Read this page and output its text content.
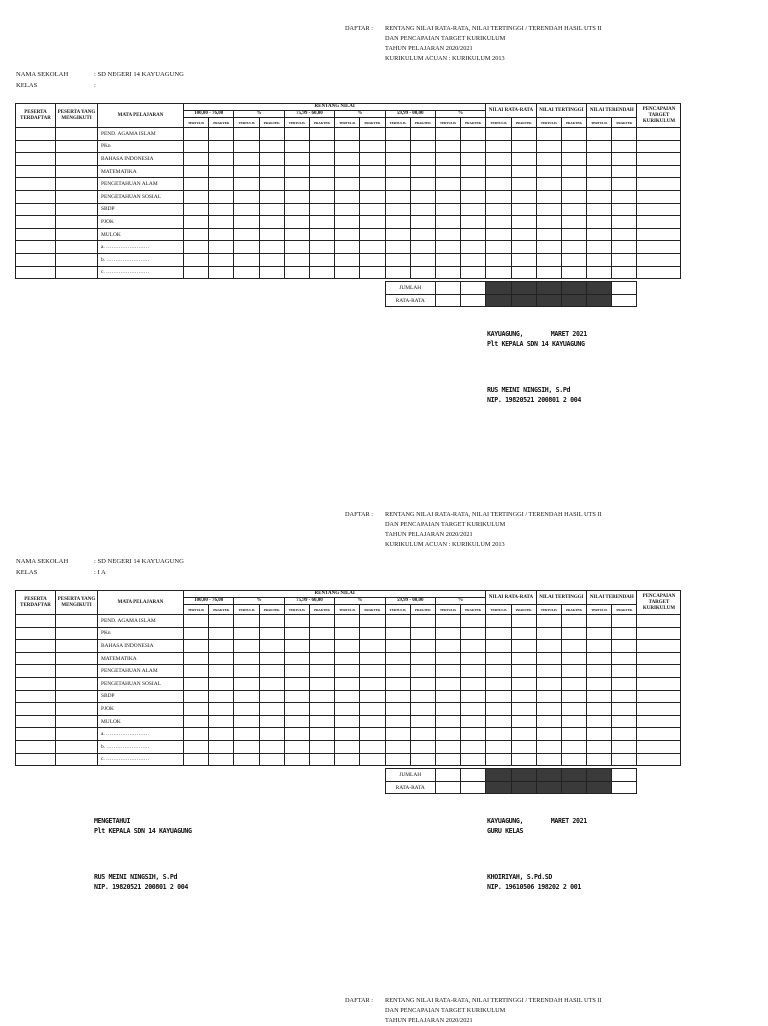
DAFTAR : RENTANG NILAI RATA-RATA, NILAI TERTINGGI / TERENDAH HASIL UTS II
DAN PENCAPAIAN TARGET KURIKULUM
TAHUN PELAJARAN 2020/2021
KURIKULUM ACUAN : KURIKULUM 2013
NAMA SEKOLAH	: SD NEGERI 14 KAYUAGUNG
KELAS	:
PESERTA TERDAFTAR	PESERTA YANG MENGIKUTI	MATA PELAJARAN	RENTANG NILAI												NILAI RATA-RATA		NILAI TERTINGGI		NILAI TERENDAH		PENCAPAIAN TARGET KURIKULUM
			100,00 - 76,00		%		75,99 - 60,00		%		59,99 - 00,00		%								
			TERTULIS	PRAKTEK	TERTULIS	PRAKTEK	TERTULIS	PRAKTEK	TERTULIS	PRAKTEK	TERTULIS	PRAKTEK	TERTULIS	PRAKTEK	TERTULIS	PRAKTEK	TERTULIS	PRAKTEK	TERTULIS	PRAKTEK	
		PEND. AGAMA ISLAM																			
		PKn																			
		BAHASA INDONESIA																			
		MATEMATIKA																			
		PENGETAHUAN ALAM																			
		PENGETAHUAN SOSIAL																			
		SBDP																			
		PJOK																			
		MULOK																			
		a. ……………………																			
		b. ……………………																			
		c. ……………………																			

											JUMLAH										
											RATA-RATA										
KAYUAGUNG,	MARET 2021
Plt KEPALA SDN 14 KAYUAGUNG
RUS MEINI NINGSIH, S.Pd
NIP. 19820521 200801 2 004
DAFTAR : RENTANG NILAI RATA-RATA, NILAI TERTINGGI / TERENDAH HASIL UTS II
DAN PENCAPAIAN TARGET KURIKULUM
TAHUN PELAJARAN 2020/2021
KURIKULUM ACUAN : KURIKULUM 2013
NAMA SEKOLAH	: SD NEGERI 14 KAYUAGUNG
KELAS	: I A
PESERTA TERDAFTAR	PESERTA YANG MENGIKUTI	MATA PELAJARAN	RENTANG NILAI												NILAI RATA-RATA		NILAI TERTINGGI		NILAI TERENDAH		PENCAPAIAN TARGET KURIKULUM
			100,00 - 76,00		%		75,99 - 60,00		%		59,99 - 00,00		%								
			TERTULIS	PRAKTEK	TERTULIS	PRAKTEK	TERTULIS	PRAKTEK	TERTULIS	PRAKTEK	TERTULIS	PRAKTEK	TERTULIS	PRAKTEK	TERTULIS	PRAKTEK	TERTULIS	PRAKTEK	TERTULIS	PRAKTEK	
		PEND. AGAMA ISLAM																			
		PKn																			
		BAHASA INDONESIA																			
		MATEMATIKA																			
		PENGETAHUAN ALAM																			
		PENGETAHUAN SOSIAL																			
		SBDP																			
		PJOK																			
		MULOK																			
		a. ……………………																			
		b. ……………………																			
		c. ……………………																			

											JUMLAH										
											RATA-RATA										
MENGETAHUI
Plt KEPALA SDN 14 KAYUAGUNG
RUS MEINI NINGSIH, S.Pd
NIP. 19820521 200801 2 004
KAYUAGUNG,	MARET 2021
GURU KELAS
KHOIRIYAH, S.Pd.SD
NIP. 19610506 198202 2 001
DAFTAR : RENTANG NILAI RATA-RATA, NILAI TERTINGGI / TERENDAH HASIL UTS II
DAN PENCAPAIAN TARGET KURIKULUM
TAHUN PELAJARAN 2020/2021
